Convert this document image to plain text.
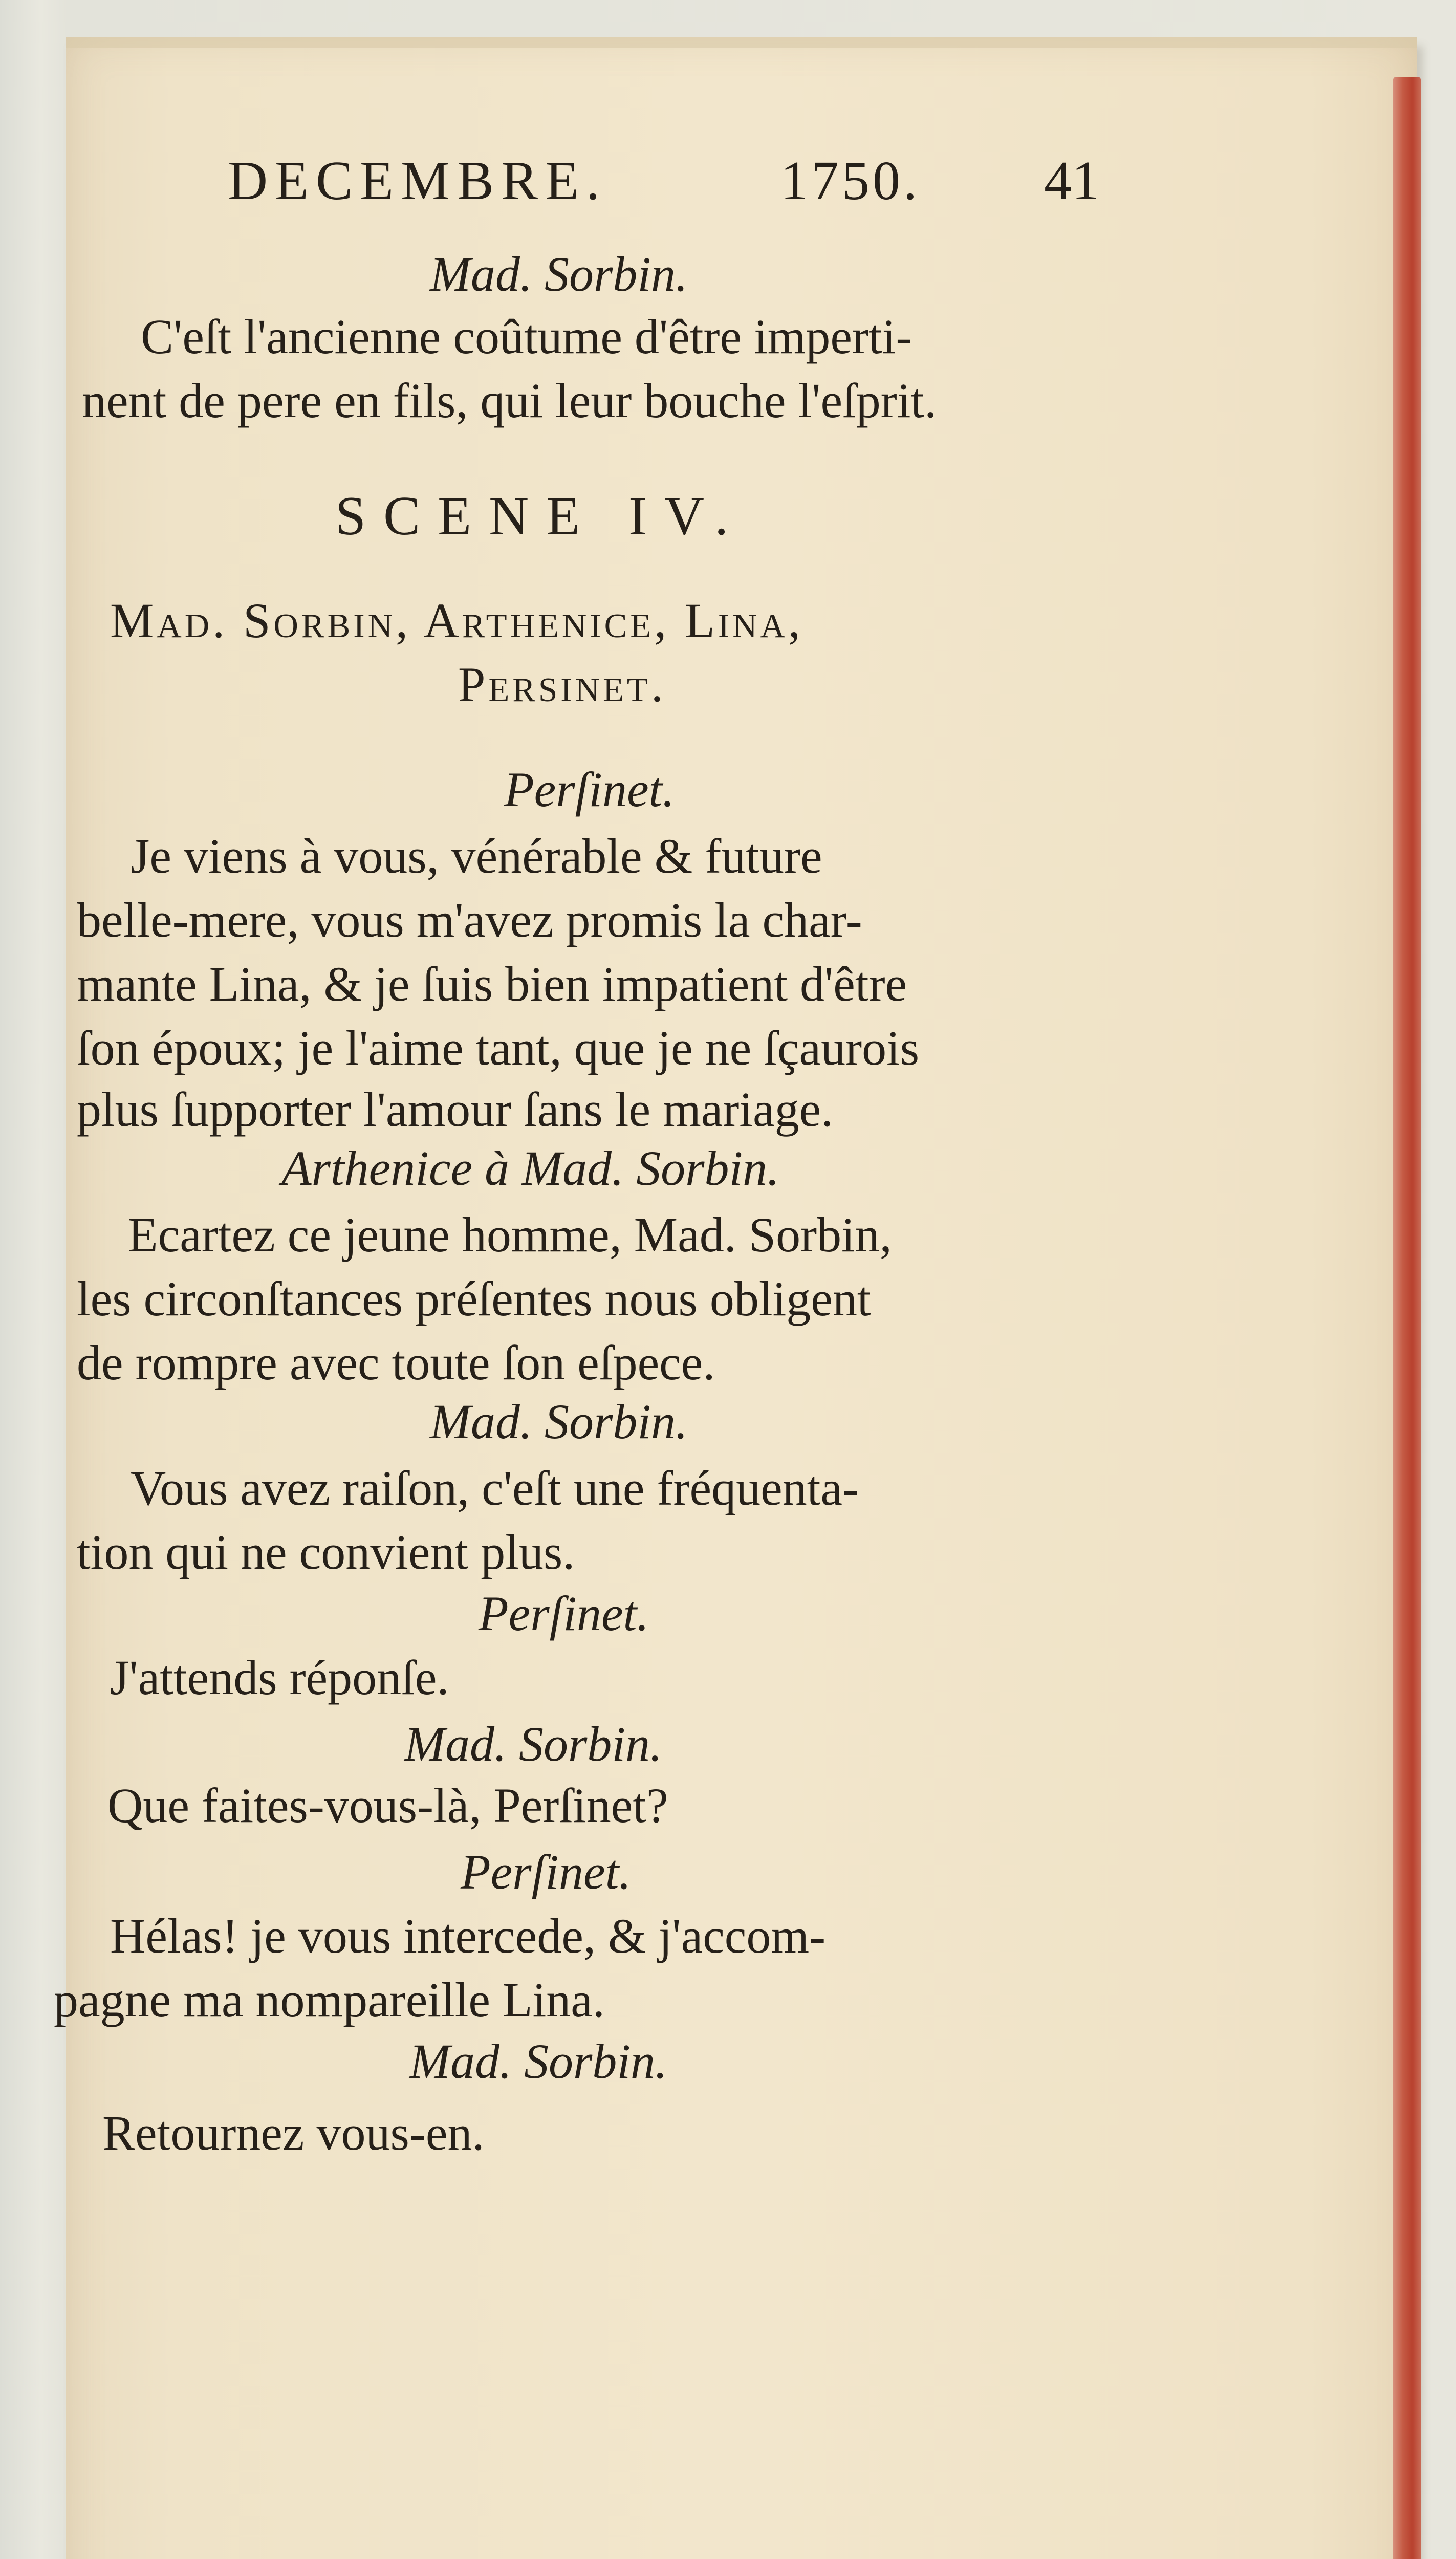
DECEMBRE.	1750. 41

Mad. Sorbin.

C'eſt l'ancienne coûtume d'être imperti-

nent de pere en fils, qui leur bouche l'eſprit.

SCENE IV.

Mad. Sorbin, Arthenice, Lina,

Persinet.

Perſinet.

Je viens à vous, vénérable & future

belle-mere, vous m'avez promis la char-

mante Lina, & je ſuis bien impatient d'être

ſon époux; je l'aime tant, que je ne ſçaurois

plus ſupporter l'amour ſans le mariage.

Arthenice à Mad. Sorbin.

Ecartez ce jeune homme, Mad. Sorbin,

les circonſtances préſentes nous obligent

de rompre avec toute ſon eſpece.

Mad. Sorbin.

Vous avez raiſon, c'eſt une fréquenta-

tion qui ne convient plus.

Perſinet.

J'attends réponſe.

Mad. Sorbin.

Que faites-vous-là, Perſinet?

Perſinet.

Hélas! je vous intercede, & j'accom-

pagne ma nompareille Lina.

Mad. Sorbin.

Retournez vous-en.
